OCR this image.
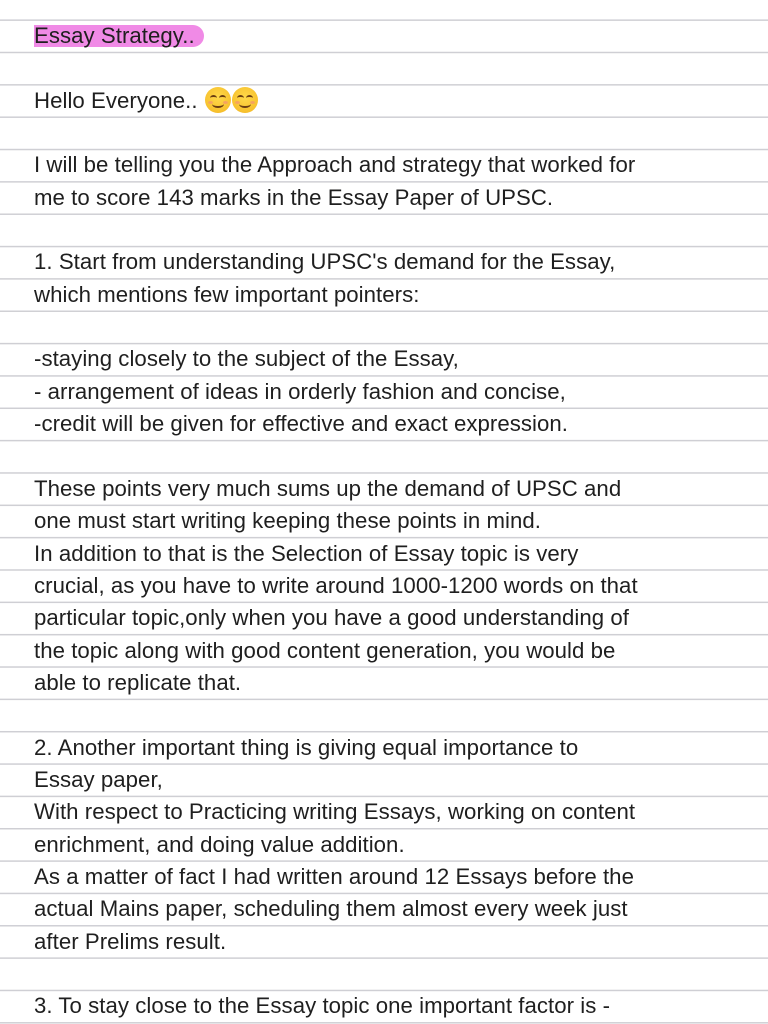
Essay Strategy..
Hello Everyone..
I will be telling you the Approach and strategy that worked for
me to score 143 marks in the Essay Paper of UPSC.
1. Start from understanding UPSC's demand for the Essay,
which mentions few important pointers:
-staying closely to the subject of the Essay,
- arrangement of ideas in orderly fashion and concise,
-credit will be given for effective and exact expression.
These points very much sums up the demand of UPSC and
one must start writing keeping these points in mind.
In addition to that is the Selection of Essay topic is very
crucial, as you have to write around 1000-1200 words on that
particular topic,only when you have a good understanding of
the topic along with good content generation, you would be
able to replicate that.
2. Another important thing is giving equal importance to
Essay paper,
With respect to Practicing writing Essays, working on content
enrichment, and doing value addition.
As a matter of fact I had written around 12 Essays before the
actual Mains paper, scheduling them almost every week just
after Prelims result.
3. To stay close to the Essay topic one important factor is -
